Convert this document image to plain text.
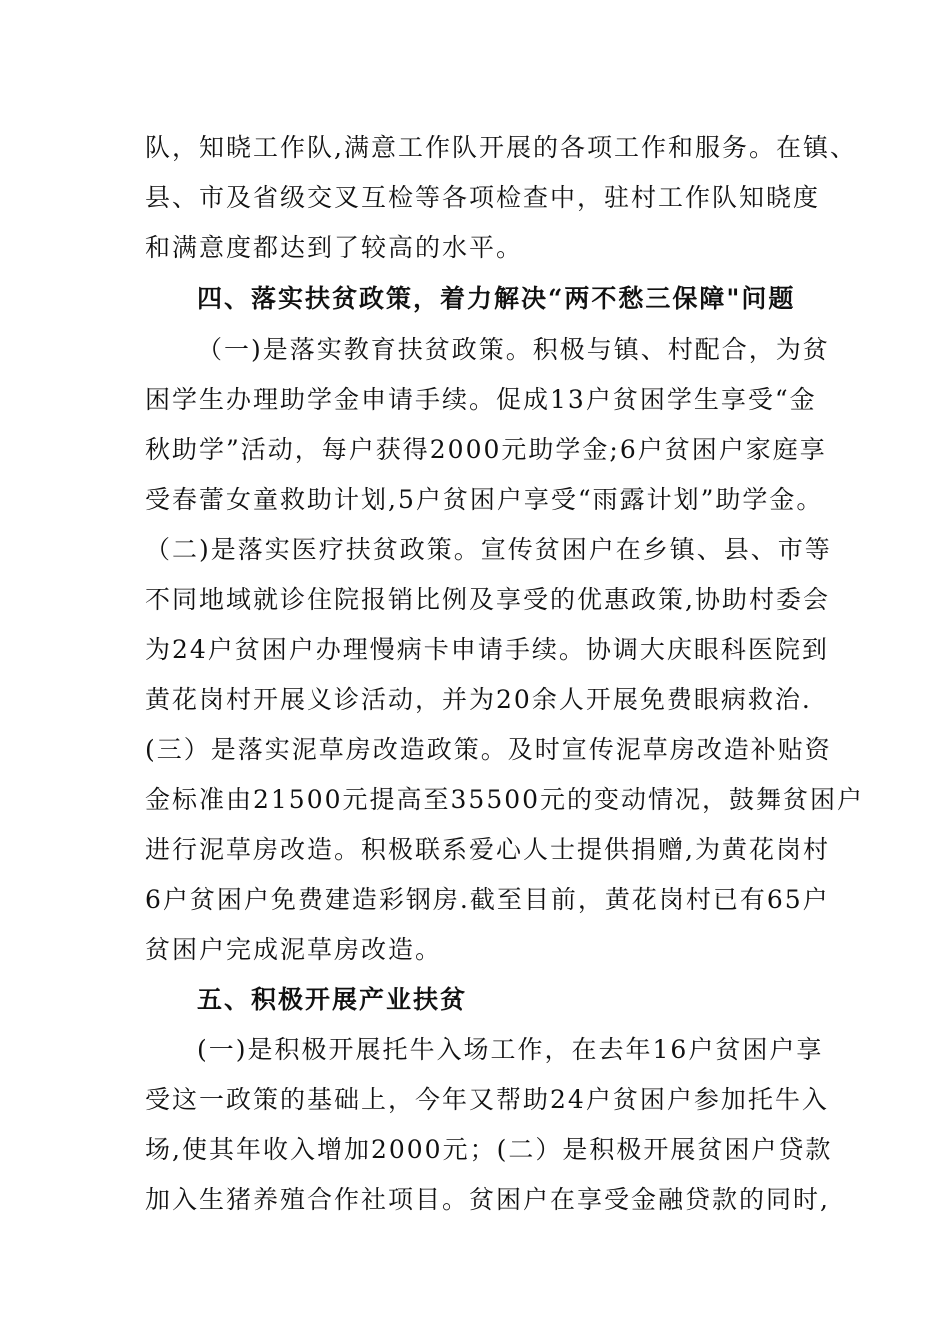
队，知晓工作队,满意工作队开展的各项工作和服务。在镇、
县、市及省级交叉互检等各项检查中，驻村工作队知晓度
和满意度都达到了较高的水平。
四、落实扶贫政策，着力解决“两不愁三保障"问题
（一)是落实教育扶贫政策。积极与镇、村配合，为贫
困学生办理助学金申请手续。促成13户贫困学生享受“金
秋助学”活动，每户获得2000元助学金;6户贫困户家庭享
受春蕾女童救助计划,5户贫困户享受“雨露计划”助学金。
（二)是落实医疗扶贫政策。宣传贫困户在乡镇、县、市等
不同地域就诊住院报销比例及享受的优惠政策,协助村委会
为24户贫困户办理慢病卡申请手续。协调大庆眼科医院到
黄花岗村开展义诊活动，并为20余人开展免费眼病救治.
(三）是落实泥草房改造政策。及时宣传泥草房改造补贴资
金标准由21500元提高至35500元的变动情况，鼓舞贫困户
进行泥草房改造。积极联系爱心人士提供捐赠,为黄花岗村
6户贫困户免费建造彩钢房.截至目前，黄花岗村已有65户
贫困户完成泥草房改造。
五、积极开展产业扶贫
(一)是积极开展托牛入场工作，在去年16户贫困户享
受这一政策的基础上，今年又帮助24户贫困户参加托牛入
场,使其年收入增加2000元；(二）是积极开展贫困户贷款
加入生猪养殖合作社项目。贫困户在享受金融贷款的同时,
